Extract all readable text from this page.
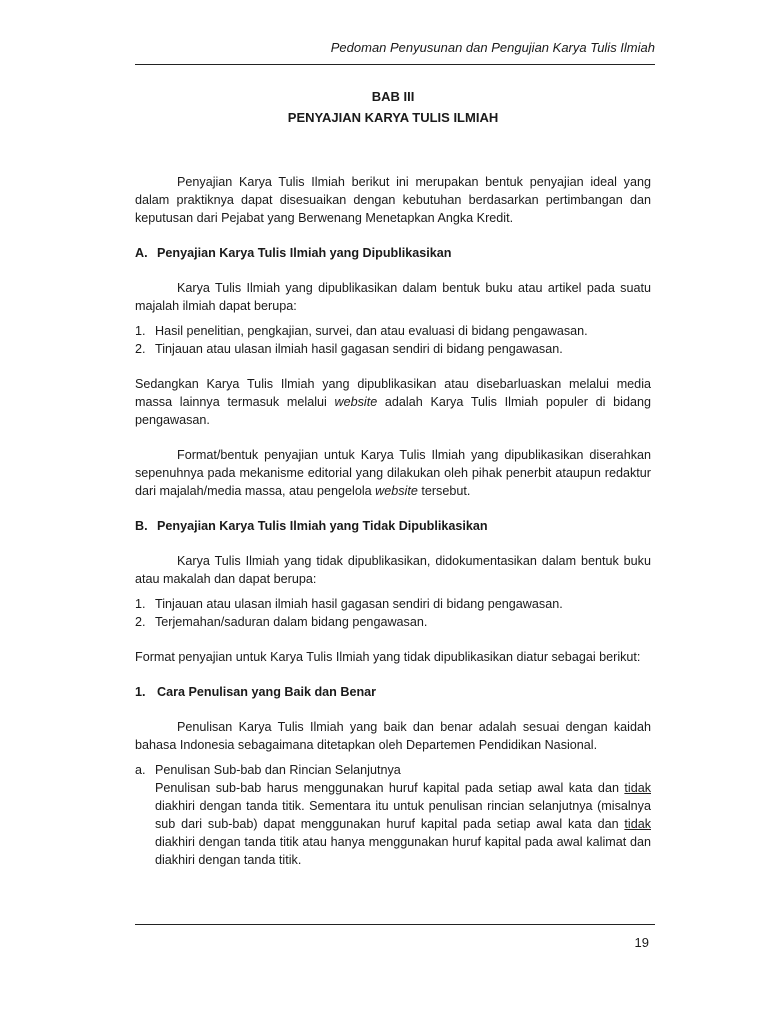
Pedoman Penyusunan dan Pengujian Karya Tulis Ilmiah
BAB III
PENYAJIAN KARYA TULIS ILMIAH

Penyajian Karya Tulis Ilmiah berikut ini merupakan bentuk penyajian ideal yang dalam praktiknya dapat disesuaikan dengan kebutuhan berdasarkan pertimbangan dan keputusan dari Pejabat yang Berwenang Menetapkan Angka Kredit.

A. Penyajian Karya Tulis Ilmiah yang Dipublikasikan

Karya Tulis Ilmiah yang dipublikasikan dalam bentuk buku atau artikel pada suatu majalah ilmiah dapat berupa:

1. Hasil penelitian, pengkajian, survei, dan atau evaluasi di bidang pengawasan.
2. Tinjauan atau ulasan ilmiah hasil gagasan sendiri di bidang pengawasan.

Sedangkan Karya Tulis Ilmiah yang dipublikasikan atau disebarluaskan melalui media massa lainnya termasuk melalui website adalah Karya Tulis Ilmiah populer di bidang pengawasan.

Format/bentuk penyajian untuk Karya Tulis Ilmiah yang dipublikasikan diserahkan sepenuhnya pada mekanisme editorial yang dilakukan oleh pihak penerbit ataupun redaktur dari majalah/media massa, atau pengelola website tersebut.

B. Penyajian Karya Tulis Ilmiah yang Tidak Dipublikasikan

Karya Tulis Ilmiah yang tidak dipublikasikan, didokumentasikan dalam bentuk buku atau makalah dan dapat berupa:

1. Tinjauan atau ulasan ilmiah hasil gagasan sendiri di bidang pengawasan.
2. Terjemahan/saduran dalam bidang pengawasan.

Format penyajian untuk Karya Tulis Ilmiah yang tidak dipublikasikan diatur sebagai berikut:

1. Cara Penulisan yang Baik dan Benar

Penulisan Karya Tulis Ilmiah yang baik dan benar adalah sesuai dengan kaidah bahasa Indonesia sebagaimana ditetapkan oleh Departemen Pendidikan Nasional.

a. Penulisan Sub-bab dan Rincian Selanjutnya

Penulisan sub-bab harus menggunakan huruf kapital pada setiap awal kata dan tidak diakhiri dengan tanda titik. Sementara itu untuk penulisan rincian selanjutnya (misalnya sub dari sub-bab) dapat menggunakan huruf kapital pada setiap awal kata dan tidak diakhiri dengan tanda titik atau hanya menggunakan huruf kapital pada awal kalimat dan diakhiri dengan tanda titik.

19
